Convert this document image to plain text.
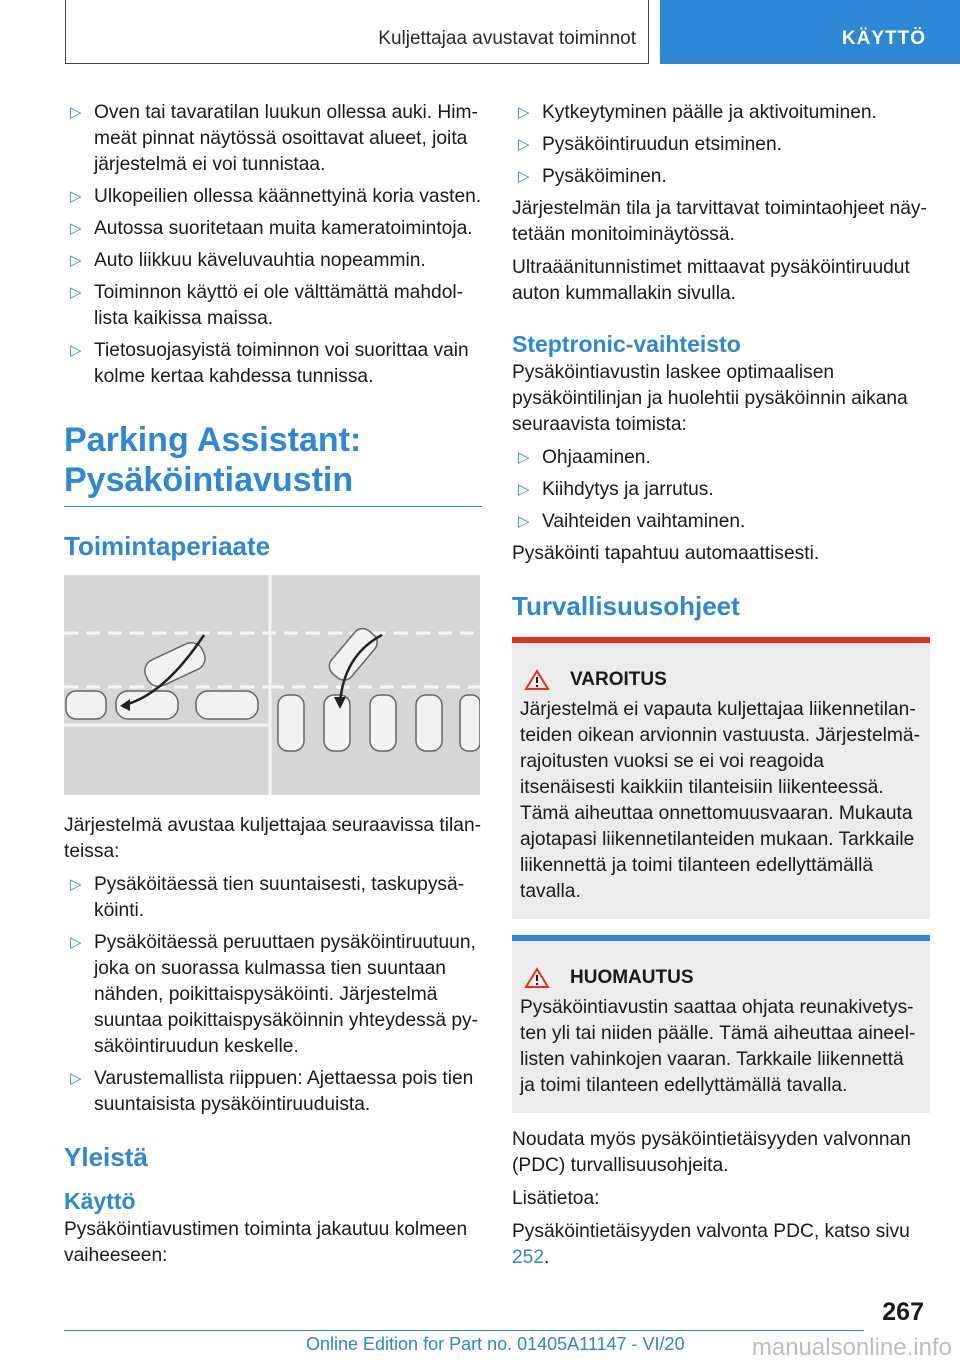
Kuljettajaa avustavat toiminnot	KÄYTTÖ
▷ Oven tai tavaratilan luukun ollessa auki. Himmeät pinnat näytössä osoittavat alueet, joita järjestelmä ei voi tunnistaa.
▷ Ulkopeilien ollessa käännettyinä koria vasten.
▷ Autossa suoritetaan muita kameratoimintoja.
▷ Auto liikkuu käveluvauhtia nopeammin.
▷ Toiminnon käyttö ei ole välttämättä mahdollista kaikissa maissa.
▷ Tietosuojasyistä toiminnon voi suorittaa vain kolme kertaa kahdessa tunnissa.
Parking Assistant: Pysäköintiavustin
Toimintaperiaate
Järjestelmä avustaa kuljettajaa seuraavissa tilanteissa:
▷ Pysäköitäessä tien suuntaisesti, taskupysäköinti.
▷ Pysäköitäessä peruuttaen pysäköintiruutuun, joka on suorassa kulmassa tien suuntaan nähden, poikittaispysäköinti. Järjestelmä suuntaa poikittaispysäköinnin yhteydessä pysäköintiruudun keskelle.
▷ Varustemallista riippuen: Ajettaessa pois tien suuntaisista pysäköintiruuduista.
Yleistä
Käyttö
Pysäköintiavustimen toiminta jakautuu kolmeen vaiheeseen:
▷ Kytkeytyminen päälle ja aktivoituminen.
▷ Pysäköintiruudun etsiminen.
▷ Pysäköiminen.
Järjestelmän tila ja tarvittavat toimintaohjeet näytetään monitoiminäytössä.
Ultraäänitunnistimet mittaavat pysäköintiruudut auton kummallakin sivulla.
Steptronic-vaihteisto
Pysäköintiavustin laskee optimaalisen pysäköintilinjan ja huolehtii pysäköinnin aikana seuraavista toimista:
▷ Ohjaaminen.
▷ Kiihdytys ja jarrutus.
▷ Vaihteiden vaihtaminen.
Pysäköinti tapahtuu automaattisesti.
Turvallisuusohjeet
VAROITUS
Järjestelmä ei vapauta kuljettajaa liikennetilanteiden oikean arvionnin vastuusta. Järjestelmärajoitusten vuoksi se ei voi reagoida itsenäisesti kaikkiin tilanteisiin liikenteessä. Tämä aiheuttaa onnettomuusvaaran. Mukauta ajotapasi liikennetilanteiden mukaan. Tarkkaile liikennettä ja toimi tilanteen edellyttämällä tavalla.
HUOMAUTUS
Pysäköintiavustin saattaa ohjata reunakivetysten yli tai niiden päälle. Tämä aiheuttaa aineellisten vahinkojen vaaran. Tarkkaile liikennettä ja toimi tilanteen edellyttämällä tavalla.
Noudata myös pysäköintietäisyyden valvonnan (PDC) turvallisuusohjeita.
Lisätietoa:
Pysäköintietäisyyden valvonta PDC, katso sivu 252.
267
Online Edition for Part no. 01405A11147 - VI/20	manualsonline.info
